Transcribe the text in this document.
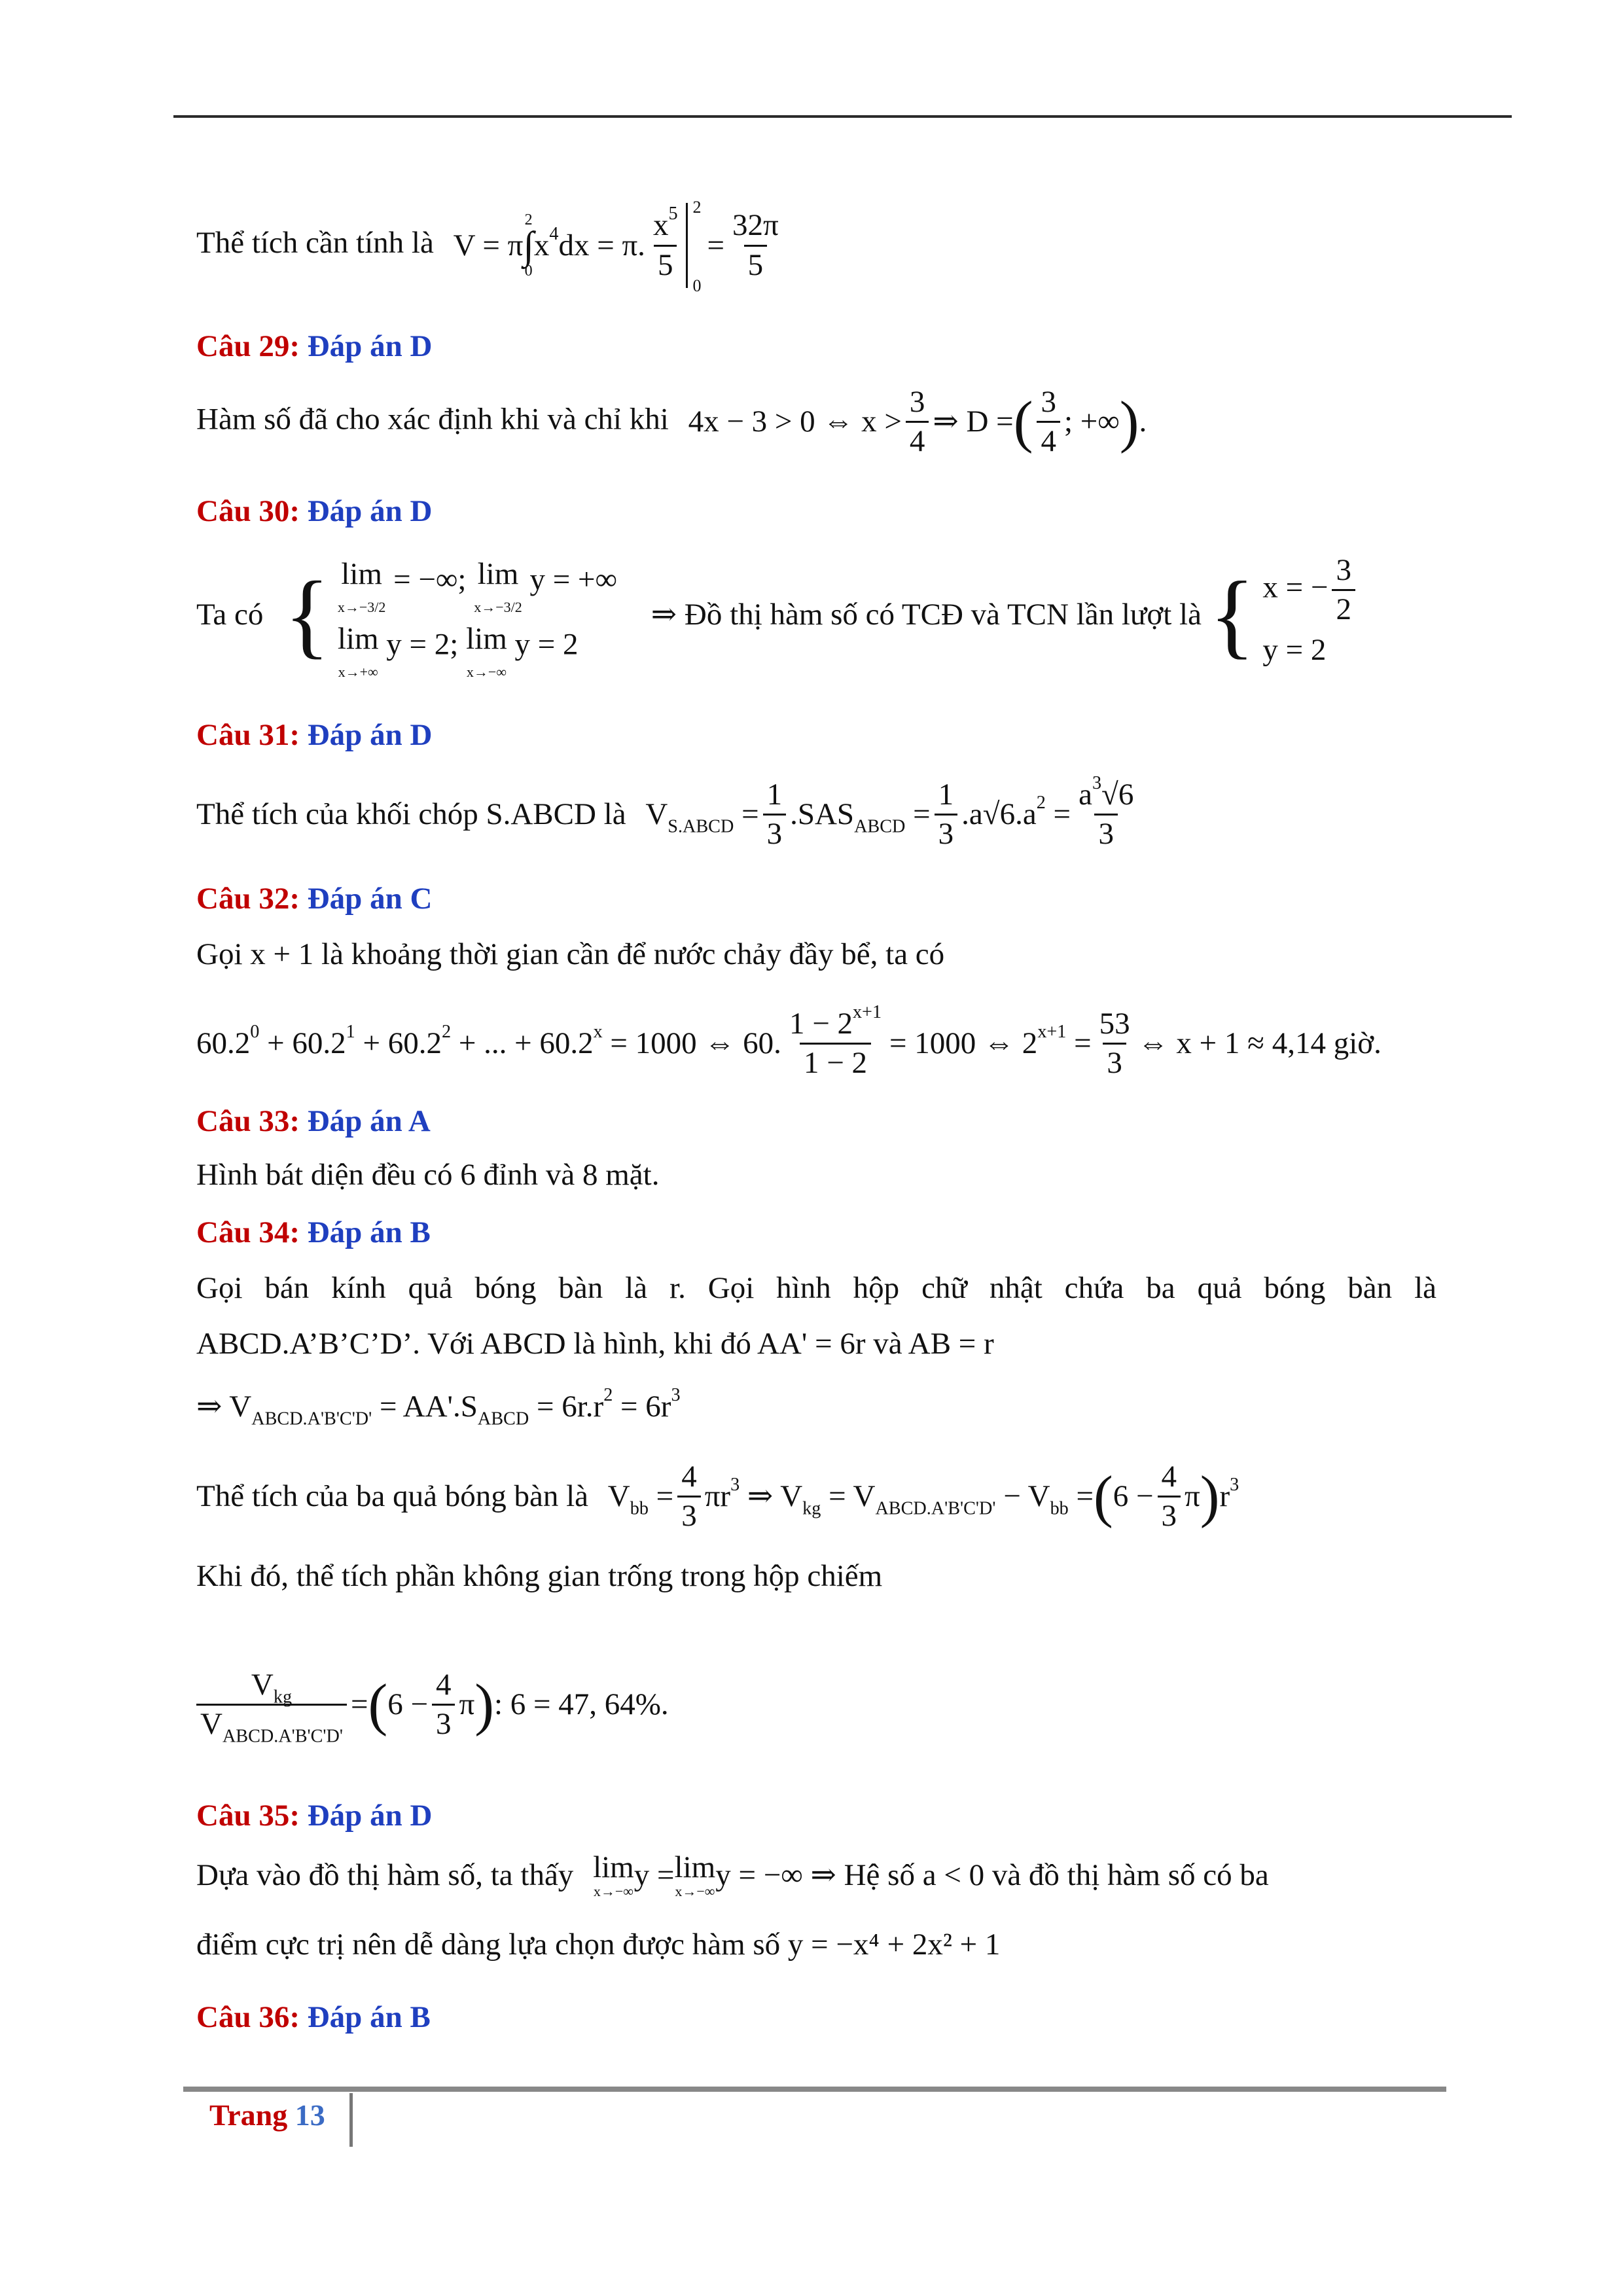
Thể tích cần tính là V = π
2
∫
0
$x^4dx = \pi$. $\frac{x^5}{5}$
2
0
= $\frac{32\pi}{5}$
Câu 29: Đáp án D
Hàm số đã cho xác định khi và chỉ khi 4x − 3 > 0 ⇔ $x > \frac{3}{4}$ ⇒ D =( $\frac{3}{4}$ ; +∞).
Câu 30: Đáp án D
Ta có { lim
x→−3/2
= −∞; lim
x→−3/2
y = +∞
lim
x→+∞
y = 2; lim
x→−∞
y = 2
⇒ Đồ thị hàm số có TCĐ và TCN lần lượt là { x = − $\frac{3}{2}$
y = 2
Câu 31: Đáp án D
Thể tích của khối chóp S.ABCD là $V_{S.ABCD} = \frac{1}{3} .SAS_{ABCD} = \frac{1}{3} .a√6.a^2 = \frac{a^3√6}{3}$
Câu 32: Đáp án C
Gọi x + 1 là khoảng thời gian cần để nước chảy đầy bể, ta có
$60.2^0 + 60.2^1 + 60.2^2$ + ... + $60.2^x = 1000$ ⇔ 60. $\frac{1 - 2^{x+1}}{1 - 2} = 1000$ ⇔ $2^{x+1} = \frac{53}{3}$ ⇔ x + 1 ≈ 4,14 giờ.
Câu 33: Đáp án A
Hình bát diện đều có 6 đỉnh và 8 mặt.
Câu 34: Đáp án B
Gọi bán kính quả bóng bàn là r. Gọi hình hộp chữ nhật chứa ba quả bóng bàn là
ABCD.A’B’C’D’. Với ABCD là hình, khi đó AA' = 6r và AB = r
⇒ $V_{ABCD.A'B'C'D'} = AA'.S_{ABCD} = 6r.r^2 = 6r^3$
Thể tích của ba quả bóng bàn là $V_{bb} = \frac{4}{3} \pi r^3$ ⇒ $V_{kg} = V_{ABCD.A'B'C'D'} - V_{bb} =(6 - \frac{4}{3} \pi)r^3$
Khi đó, thể tích phần không gian trống trong hộp chiếm
$\frac{V_{kg}}{V_{ABCD.A'B'C'D'}} =(6 - \frac{4}{3} \pi)$: 6 = 47, 64%.
Câu 35: Đáp án D
Dựa vào đồ thị hàm số, ta thấy lim
x→−∞ y = lim
x→−∞ y = −∞ ⇒ Hệ số a < 0 và đồ thị hàm số có ba
điểm cực trị nên dễ dàng lựa chọn được hàm số y = −x⁴ + 2x² + 1
Câu 36: Đáp án B
Trang 13
